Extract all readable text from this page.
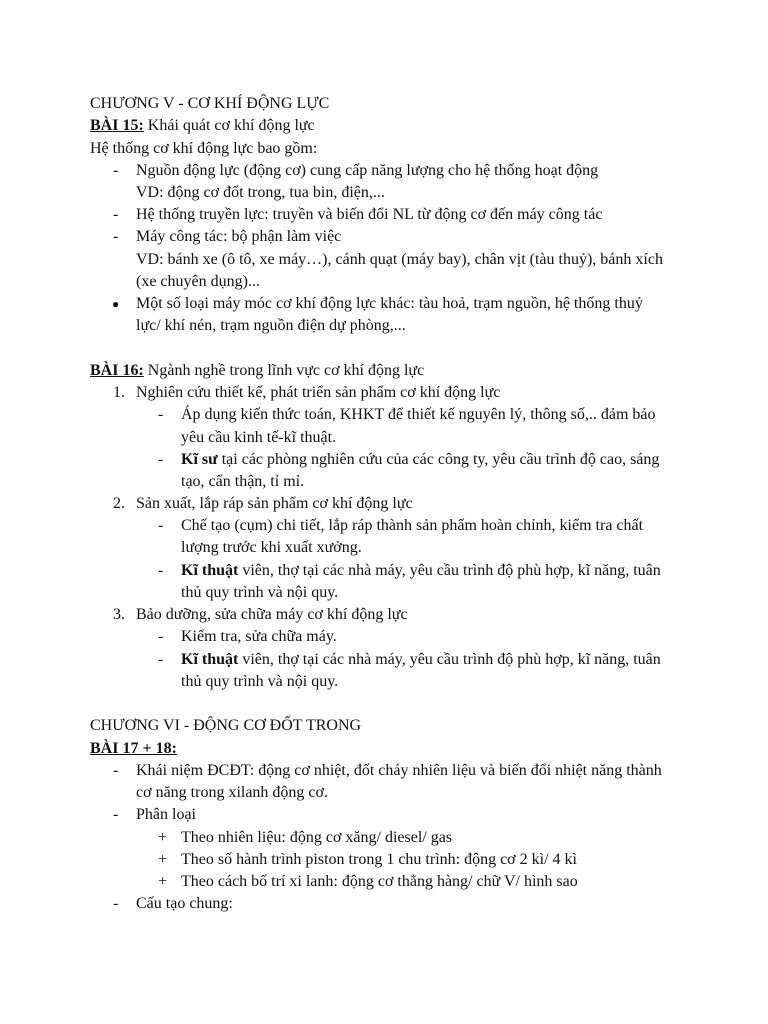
CHƯƠNG V - CƠ KHÍ ĐỘNG LỰC
BÀI 15: Khái quát cơ khí động lực
Hệ thống cơ khí động lực bao gồm:
- Nguồn động lực (động cơ) cung cấp năng lượng cho hệ thống hoạt động
VD: động cơ đốt trong, tua bin, điện,...
- Hệ thống truyền lực: truyền và biến đổi NL từ động cơ đến máy công tác
- Máy công tác: bộ phận làm việc
VD: bánh xe (ô tô, xe máy…), cánh quạt (máy bay), chân vịt (tàu thuỷ), bánh xích
(xe chuyên dụng)...
● Một số loại máy móc cơ khí động lực khác: tàu hoả, trạm nguồn, hệ thống thuỷ
lực/ khí nén, trạm nguồn điện dự phòng,...
BÀI 16: Ngành nghề trong lĩnh vực cơ khí động lực
1. Nghiên cứu thiết kế, phát triển sản phẩm cơ khí động lực
- Áp dụng kiến thức toán, KHKT để thiết kế nguyên lý, thông số,.. đảm bảo
yêu cầu kinh tế-kĩ thuật.
- Kĩ sư tại các phòng nghiên cứu của các công ty, yêu cầu trình độ cao, sáng
tạo, cẩn thận, tỉ mỉ.
2. Sản xuất, lắp ráp sản phẩm cơ khí động lực
- Chế tạo (cụm) chi tiết, lắp ráp thành sản phẩm hoàn chỉnh, kiểm tra chất
lượng trước khi xuất xưởng.
- Kĩ thuật viên, thợ tại các nhà máy, yêu cầu trình độ phù hợp, kĩ năng, tuân
thủ quy trình và nội quy.
3. Bảo dưỡng, sửa chữa máy cơ khí động lực
- Kiểm tra, sửa chữa máy.
- Kĩ thuật viên, thợ tại các nhà máy, yêu cầu trình độ phù hợp, kĩ năng, tuân
thủ quy trình và nội quy.
CHƯƠNG VI - ĐỘNG CƠ ĐỐT TRONG
BÀI 17 + 18:
- Khái niệm ĐCĐT: động cơ nhiệt, đốt cháy nhiên liệu và biến đổi nhiệt năng thành
cơ năng trong xilanh động cơ.
- Phân loại
+ Theo nhiên liệu: động cơ xăng/ diesel/ gas
+ Theo số hành trình piston trong 1 chu trình: động cơ 2 kì/ 4 kì
+ Theo cách bố trí xi lanh: động cơ thẳng hàng/ chữ V/ hình sao
- Cấu tạo chung:
